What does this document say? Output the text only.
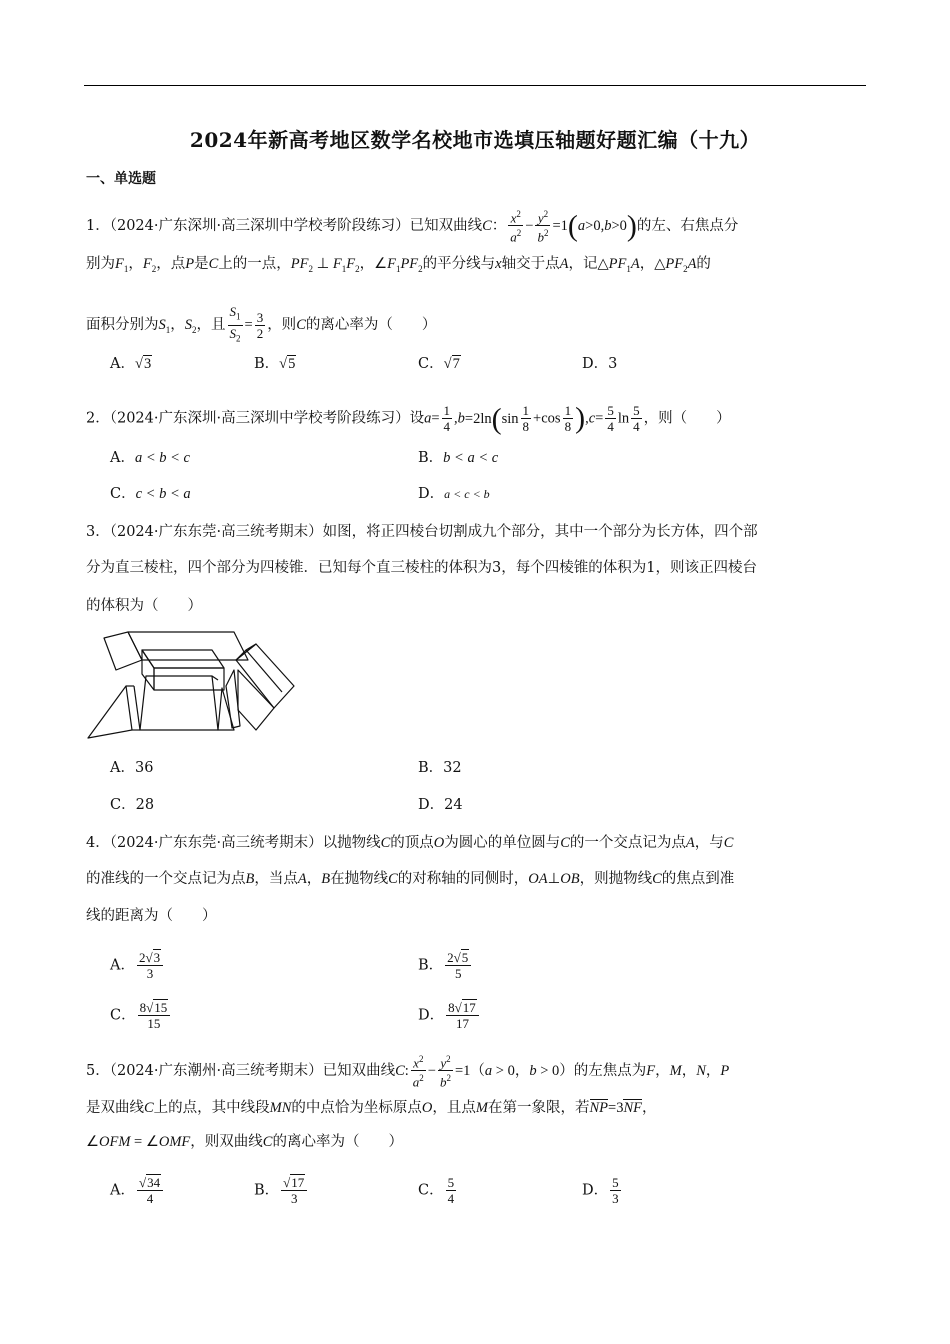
2024年新高考地区数学名校地市选填压轴题好题汇编（十九）
一、单选题
1．（2024·广东深圳·高三深圳中学校考阶段练习）已知双曲线C： $\frac{x^2}{a^2} - \frac{y^2}{b^2} =1(a>0,b>0)$的左、右焦点分
别为$F_1$，$F_2$，点P是C上的一点，$PF_2$ ⊥ $F_1F_2$，$\angle F_1PF_2$的平分线与x轴交于点A，记$\triangle PF_1A$，$\triangle PF_2A$的
面积分别为$S_1$，$S_2$，且 $\frac{S_1}{S_2} = \frac{3}{2}$ ，则C的离心率为（　　）
A．√3	B．√5	C．√7	D．3
2．（2024·广东深圳·高三深圳中学校考阶段练习）设$a= \frac{1}{4} ,b=2\ln(\sin \frac{1}{8} +\cos \frac{1}{8} ),c= \frac{5}{4}$ $\ln \frac{5}{4}$ ，则（　　）
A．a < b < c	B．b < a < c
C．c < b < a	D．a < c < b
3．（2024·广东东莞·高三统考期末）如图，将正四棱台切割成九个部分，其中一个部分为长方体，四个部
分为直三棱柱，四个部分为四棱锥．已知每个直三棱柱的体积为3，每个四棱锥的体积为1，则该正四棱台
的体积为（　　）
A．36	B．32
C．28	D．24
4．（2024·广东东莞·高三统考期末）以抛物线C的顶点O为圆心的单位圆与C的一个交点记为点A，与C
的准线的一个交点记为点B，当点A，B在抛物线C的对称轴的同侧时，OA⊥OB，则抛物线C的焦点到准
线的距离为（　　）
A． $\frac{2√3}{3}$	B． $\frac{2√5}{5}$
C． $\frac{8√15}{15}$	D． $\frac{8√17}{17}$
5．（2024·广东潮州·高三统考期末）已知双曲线C: $\frac{x^2}{a^2} - \frac{y^2}{b^2} =1(a > 0$，b > 0）的左焦点为F，M，N，P
是双曲线C上的点，其中线段MN的中点恰为坐标原点O，且点M在第一象限，若NP=3NF，
∠OFM = ∠OMF，则双曲线C的离心率为（　　）
A． $\frac{√34}{4}$	B． $\frac{√17}{3}$	C． $\frac{5}{4}$	D． $\frac{5}{3}$
